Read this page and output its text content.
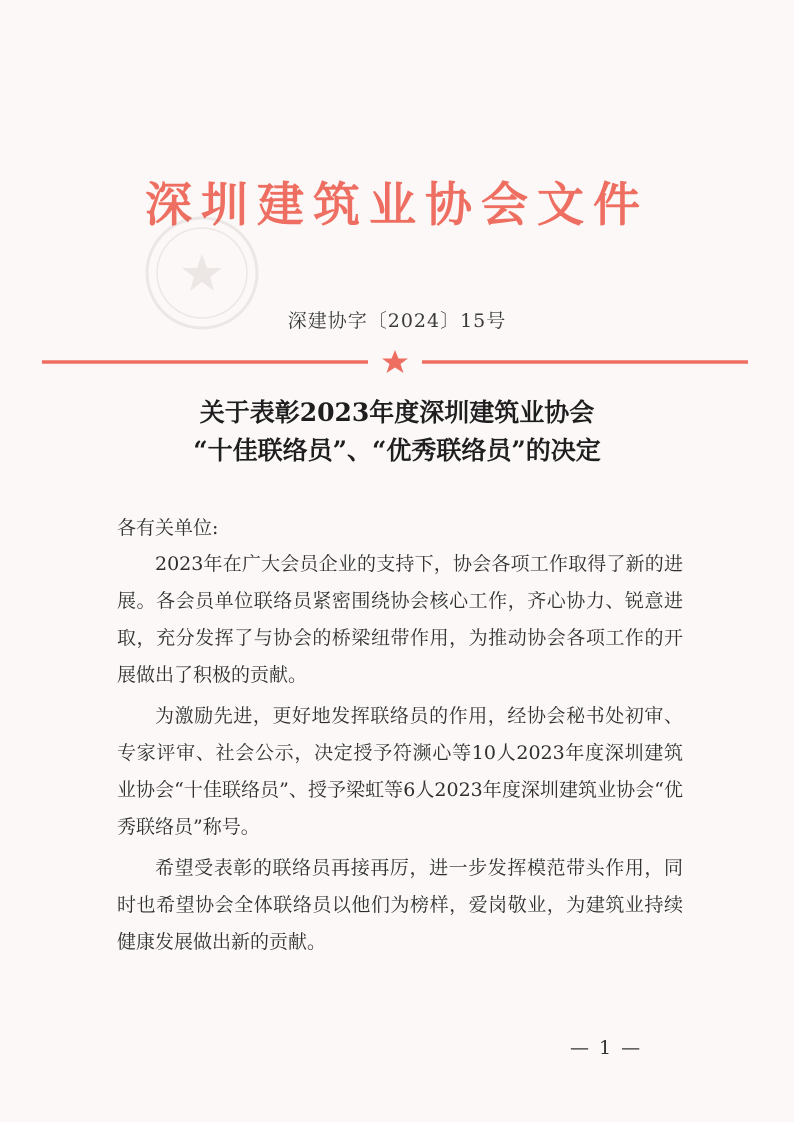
深圳建筑业协会文件
深建协字〔2024〕15号
关于表彰2023年度深圳建筑业协会
“十佳联络员”、“优秀联络员”的决定
各有关单位:

2023年在广大会员企业的支持下，协会各项工作取得了新的进展。各会员单位联络员紧密围绕协会核心工作，齐心协力、锐意进取，充分发挥了与协会的桥梁纽带作用，为推动协会各项工作的开展做出了积极的贡献。

为激励先进，更好地发挥联络员的作用，经协会秘书处初审、专家评审、社会公示，决定授予符濒心等10人2023年度深圳建筑业协会“十佳联络员”、授予梁虹等6人2023年度深圳建筑业协会“优秀联络员”称号。

希望受表彰的联络员再接再厉，进一步发挥模范带头作用，同时也希望协会全体联络员以他们为榜样，爱岗敬业，为建筑业持续健康发展做出新的贡献。

— 1 —
